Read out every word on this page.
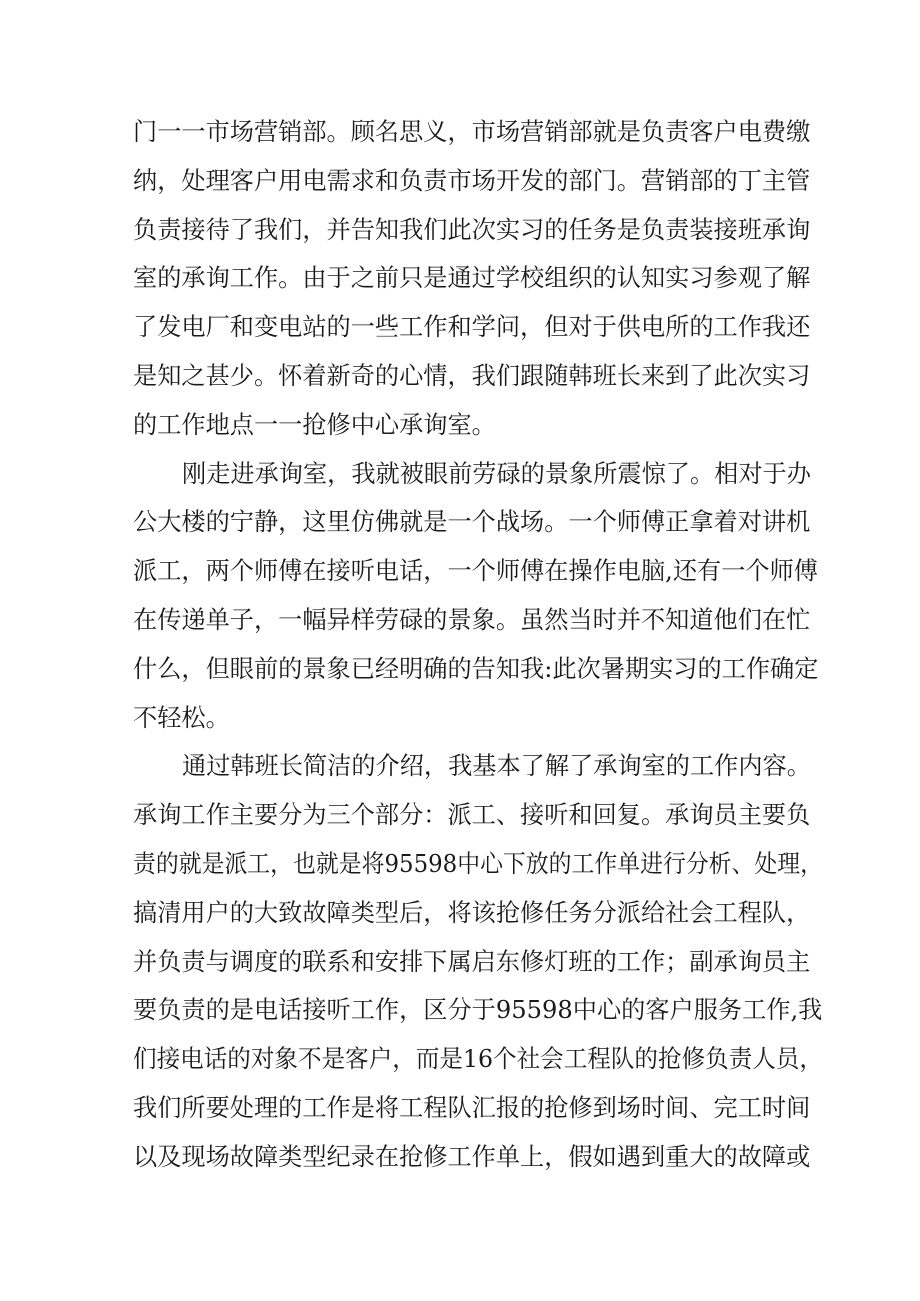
门一一市场营销部。顾名思义，市场营销部就是负责客户电费缴
纳，处理客户用电需求和负责市场开发的部门。营销部的丁主管
负责接待了我们，并告知我们此次实习的任务是负责装接班承询
室的承询工作。由于之前只是通过学校组织的认知实习参观了解
了发电厂和变电站的一些工作和学问，但对于供电所的工作我还
是知之甚少。怀着新奇的心情，我们跟随韩班长来到了此次实习
的工作地点一一抢修中心承询室。
刚走进承询室，我就被眼前劳碌的景象所震惊了。相对于办
公大楼的宁静，这里仿佛就是一个战场。一个师傅正拿着对讲机
派工，两个师傅在接听电话，一个师傅在操作电脑,还有一个师傅
在传递单子，一幅异样劳碌的景象。虽然当时并不知道他们在忙
什么，但眼前的景象已经明确的告知我:此次暑期实习的工作确定
不轻松。
通过韩班长简洁的介绍，我基本了解了承询室的工作内容。
承询工作主要分为三个部分：派工、接听和回复。承询员主要负
责的就是派工，也就是将95598中心下放的工作单进行分析、处理，
搞清用户的大致故障类型后，将该抢修任务分派给社会工程队，
并负责与调度的联系和安排下属启东修灯班的工作；副承询员主
要负责的是电话接听工作，区分于95598中心的客户服务工作,我
们接电话的对象不是客户，而是16个社会工程队的抢修负责人员，
我们所要处理的工作是将工程队汇报的抢修到场时间、完工时间
以及现场故障类型纪录在抢修工作单上，假如遇到重大的故障或
